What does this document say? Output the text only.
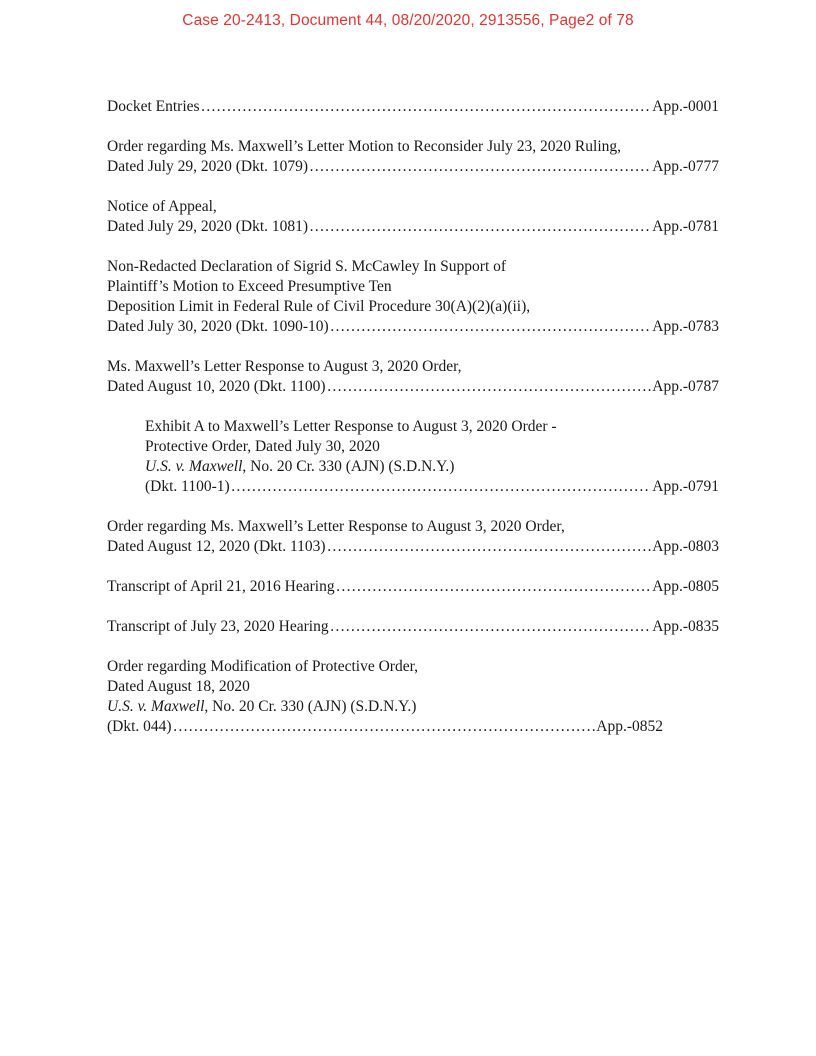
Case 20-2413, Document 44, 08/20/2020, 2913556, Page2 of 78
Docket Entries ……………………………………………………………………………………………………………………………………………………………………………………	App.-0001
Order regarding Ms. Maxwell’s Letter Motion to Reconsider July 23, 2020 Ruling,
Dated July 29, 2020 (Dkt. 1079) ……………………………………………………………………………………………………………………………………………………………………………………	App.-0777
Notice of Appeal,
Dated July 29, 2020 (Dkt. 1081) ……………………………………………………………………………………………………………………………………………………………………………………	App.-0781
Non-Redacted Declaration of Sigrid S. McCawley In Support of
Plaintiff’s Motion to Exceed Presumptive Ten
Deposition Limit in Federal Rule of Civil Procedure 30(A)(2)(a)(ii),
Dated July 30, 2020 (Dkt. 1090-10) ……………………………………………………………………………………………………………………………………………………………………………………	App.-0783
Ms. Maxwell’s Letter Response to August 3, 2020 Order,
Dated August 10, 2020 (Dkt. 1100) ……………………………………………………………………………………………………………………………………………………………………………………	App.-0787
Exhibit A to Maxwell’s Letter Response to August 3, 2020 Order -
Protective Order, Dated July 30, 2020
U.S. v. Maxwell, No. 20 Cr. 330 (AJN) (S.D.N.Y.)
(Dkt. 1100-1) ……………………………………………………………………………………………………………………………………………………………………………………	App.-0791
Order regarding Ms. Maxwell’s Letter Response to August 3, 2020 Order,
Dated August 12, 2020 (Dkt. 1103) ……………………………………………………………………………………………………………………………………………………………………………………	App.-0803
Transcript of April 21, 2016 Hearing ……………………………………………………………………………………………………………………………………………………………………………………	App.-0805
Transcript of July 23, 2020 Hearing ……………………………………………………………………………………………………………………………………………………………………………………	App.-0835
Order regarding Modification of Protective Order,
Dated August 18, 2020
U.S. v. Maxwell, No. 20 Cr. 330 (AJN) (S.D.N.Y.)
(Dkt. 044) ……………………………………………………………………………………………………………………………………………………………………………………	App.-0852
